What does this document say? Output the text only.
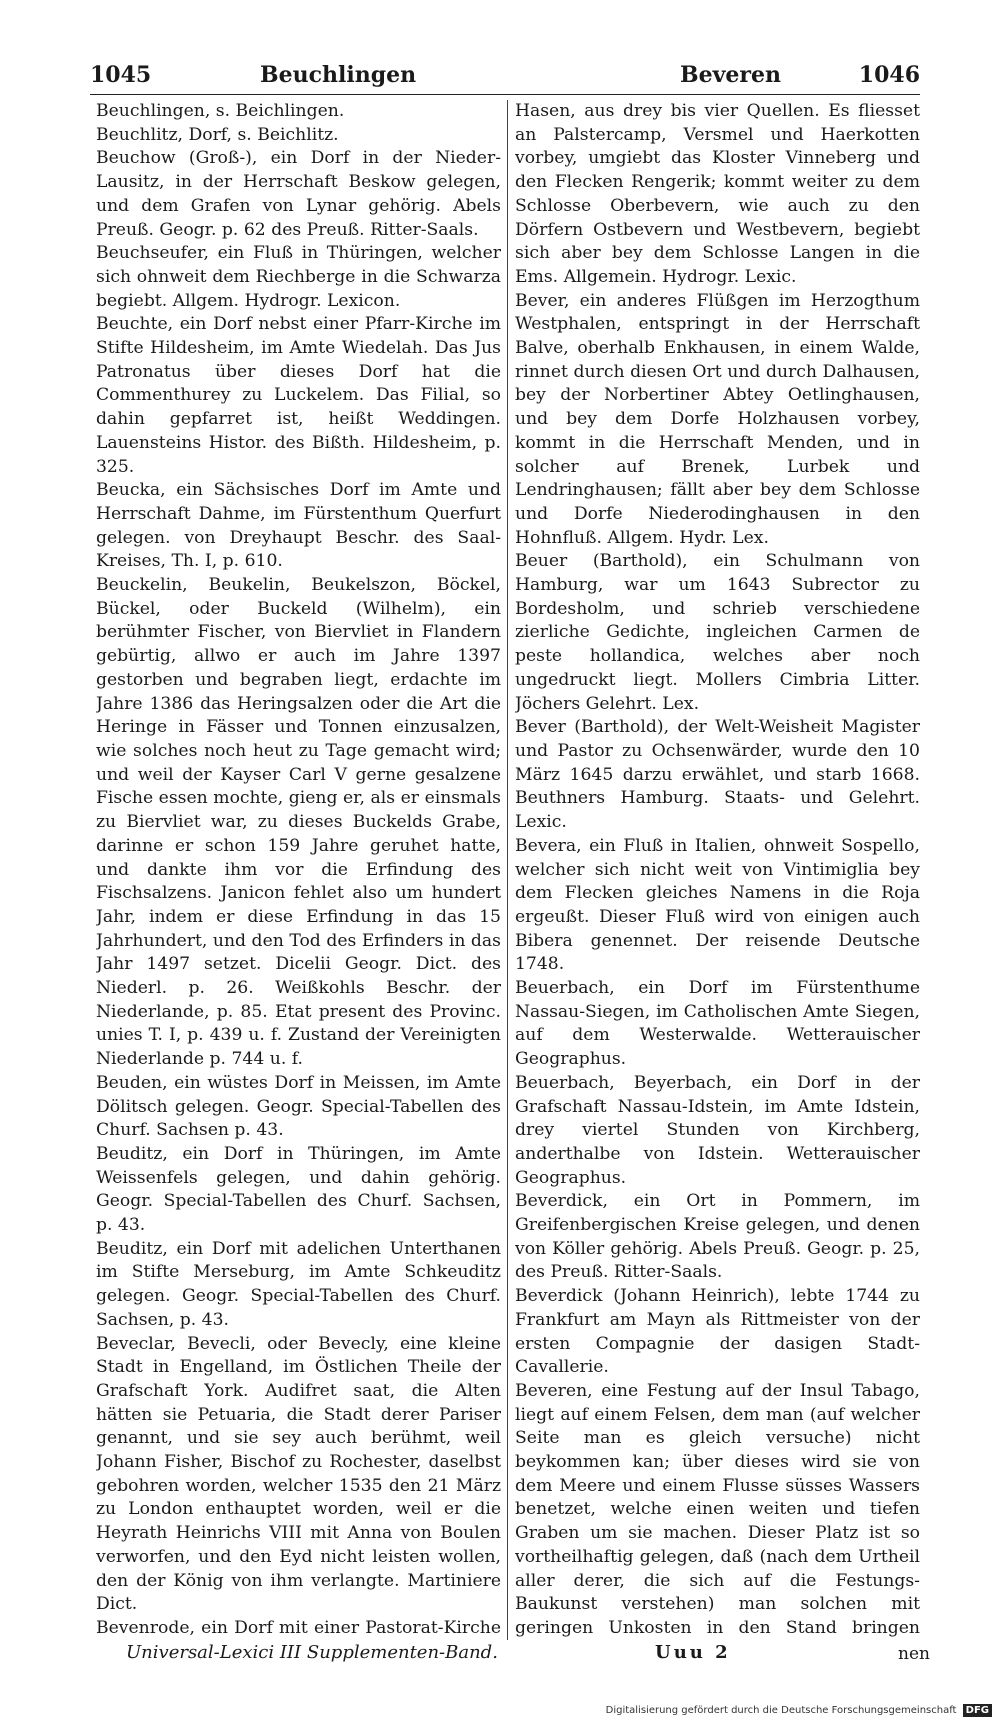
1045	Beuchlingen	Beveren	1046

Beuchlingen, s. Beichlingen.

Beuchlitz, Dorf, s. Beichlitz.

Beuchow (Groß-), ein Dorf in der Nieder-Lausitz, in der Herrschaft Beskow gelegen, und dem Grafen von Lynar gehörig. Abels Preuß. Geogr. p. 62 des Preuß. Ritter-Saals.

Beuchseufer, ein Fluß in Thüringen, welcher sich ohnweit dem Riechberge in die Schwarza begiebt. Allgem. Hydrogr. Lexicon.

Beuchte, ein Dorf nebst einer Pfarr-Kirche im Stifte Hildesheim, im Amte Wiedelah. Das Jus Patronatus über dieses Dorf hat die Commenthurey zu Luckelem. Das Filial, so dahin gepfarret ist, heißt Weddingen. Lauensteins Histor. des Bißth. Hildesheim, p. 325.

Beucka, ein Sächsisches Dorf im Amte und Herrschaft Dahme, im Fürstenthum Querfurt gelegen. von Dreyhaupt Beschr. des Saal-Kreises, Th. I, p. 610.

Beuckelin, Beukelin, Beukelszon, Böckel, Bückel, oder Buckeld (Wilhelm), ein berühmter Fischer, von Biervliet in Flandern gebürtig, allwo er auch im Jahre 1397 gestorben und begraben liegt, erdachte im Jahre 1386 das Heringsalzen oder die Art die Heringe in Fässer und Tonnen einzusalzen, wie solches noch heut zu Tage gemacht wird; und weil der Kayser Carl V gerne gesalzene Fische essen mochte, gieng er, als er einsmals zu Biervliet war, zu dieses Buckelds Grabe, darinne er schon 159 Jahre geruhet hatte, und dankte ihm vor die Erfindung des Fischsalzens. Janicon fehlet also um hundert Jahr, indem er diese Erfindung in das 15 Jahrhundert, und den Tod des Erfinders in das Jahr 1497 setzet. Dicelii Geogr. Dict. des Niederl. p. 26. Weißkohls Beschr. der Niederlande, p. 85. Etat present des Provinc. unies T. I, p. 439 u. f. Zustand der Vereinigten Niederlande p. 744 u. f.

Beuden, ein wüstes Dorf in Meissen, im Amte Dölitsch gelegen. Geogr. Special-Tabellen des Churf. Sachsen p. 43.

Beuditz, ein Dorf in Thüringen, im Amte Weissenfels gelegen, und dahin gehörig. Geogr. Special-Tabellen des Churf. Sachsen, p. 43.

Beuditz, ein Dorf mit adelichen Unterthanen im Stifte Merseburg, im Amte Schkeuditz gelegen. Geogr. Special-Tabellen des Churf. Sachsen, p. 43.

Beveclar, Bevecli, oder Bevecly, eine kleine Stadt in Engelland, im Östlichen Theile der Grafschaft York. Audifret saat, die Alten hätten sie Petuaria, die Stadt derer Pariser genannt, und sie sey auch berühmt, weil Johann Fisher, Bischof zu Rochester, daselbst gebohren worden, welcher 1535 den 21 März zu London enthauptet worden, weil er die Heyrath Heinrichs VIII mit Anna von Boulen verworfen, und den Eyd nicht leisten wollen, den der König von ihm verlangte. Martiniere Dict.

Bevenrode, ein Dorf mit einer Pastorat-Kirche

Hasen, aus drey bis vier Quellen. Es fliesset an Palstercamp, Versmel und Haerkotten vorbey, umgiebt das Kloster Vinneberg und den Flecken Rengerik; kommt weiter zu dem Schlosse Oberbevern, wie auch zu den Dörfern Ostbevern und Westbevern, begiebt sich aber bey dem Schlosse Langen in die Ems. Allgemein. Hydrogr. Lexic.

Bever, ein anderes Flüßgen im Herzogthum Westphalen, entspringt in der Herrschaft Balve, oberhalb Enkhausen, in einem Walde, rinnet durch diesen Ort und durch Dalhausen, bey der Norbertiner Abtey Oetlinghausen, und bey dem Dorfe Holzhausen vorbey, kommt in die Herrschaft Menden, und in solcher auf Brenek, Lurbek und Lendringhausen; fällt aber bey dem Schlosse und Dorfe Niederodinghausen in den Hohnfluß. Allgem. Hydr. Lex.

Beuer (Barthold), ein Schulmann von Hamburg, war um 1643 Subrector zu Bordesholm, und schrieb verschiedene zierliche Gedichte, ingleichen Carmen de peste hollandica, welches aber noch ungedruckt liegt. Mollers Cimbria Litter. Jöchers Gelehrt. Lex.

Bever (Barthold), der Welt-Weisheit Magister und Pastor zu Ochsenwärder, wurde den 10 März 1645 darzu erwählet, und starb 1668. Beuthners Hamburg. Staats- und Gelehrt. Lexic.

Bevera, ein Fluß in Italien, ohnweit Sospello, welcher sich nicht weit von Vintimiglia bey dem Flecken gleiches Namens in die Roja ergeußt. Dieser Fluß wird von einigen auch Bibera genennet. Der reisende Deutsche 1748.

Beuerbach, ein Dorf im Fürstenthume Nassau-Siegen, im Catholischen Amte Siegen, auf dem Westerwalde. Wetterauischer Geographus.

Beuerbach, Beyerbach, ein Dorf in der Grafschaft Nassau-Idstein, im Amte Idstein, drey viertel Stunden von Kirchberg, anderthalbe von Idstein. Wetterauischer Geographus.

Beverdick, ein Ort in Pommern, im Greifenbergischen Kreise gelegen, und denen von Köller gehörig. Abels Preuß. Geogr. p. 25, des Preuß. Ritter-Saals.

Beverdick (Johann Heinrich), lebte 1744 zu Frankfurt am Mayn als Rittmeister von der ersten Compagnie der dasigen Stadt-Cavallerie.

Beveren, eine Festung auf der Insul Tabago, liegt auf einem Felsen, dem man (auf welcher Seite man es gleich versuche) nicht beykommen kan; über dieses wird sie von dem Meere und einem Flusse süsses Wassers benetzet, welche einen weiten und tiefen Graben um sie machen. Dieser Platz ist so vortheilhaftig gelegen, daß (nach dem Urtheil aller derer, die sich auf die Festungs-Baukunst verstehen) man solchen mit geringen Unkosten in den Stand bringen

Universal-Lexici III Supplementen-Band.	Uuu 2	nen
Digitalisierung gefördert durch die Deutsche Forschungsgemeinschaft DFG
